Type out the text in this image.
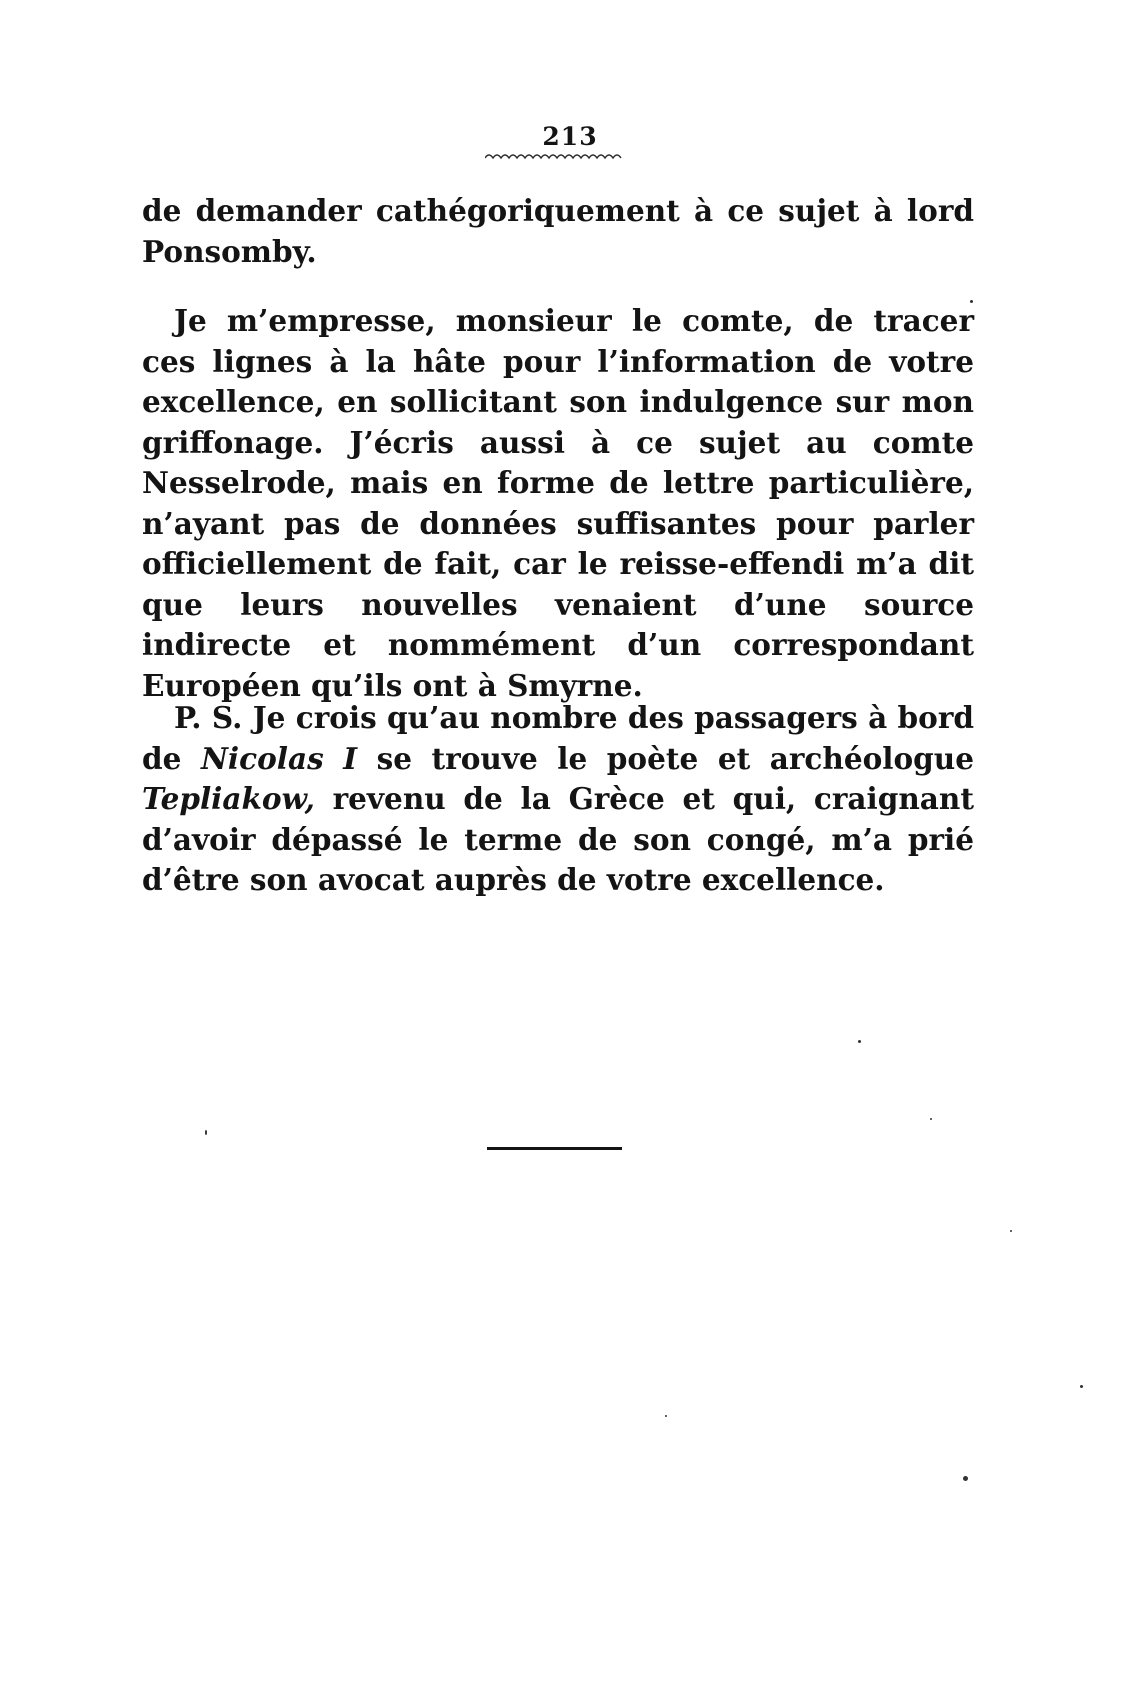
213

de demander cathégoriquement à ce sujet à lord Ponsomby.

Je m’empresse, monsieur le comte, de tracer ces lignes à la hâte pour l’information de votre excellence, en sollicitant son indulgence sur mon griffonage. J’écris aussi à ce sujet au comte Nesselrode, mais en forme de lettre particulière, n’ayant pas de données suffisantes pour parler officiellement de fait, car le reisse-effendi m’a dit que leurs nouvelles venaient d’une source indirecte et nommément d’un correspondant Européen qu’ils ont à Smyrne.

P. S. Je crois qu’au nombre des passagers à bord de Nicolas I se trouve le poète et archéologue Tepliakow, revenu de la Grèce et qui, craignant d’avoir dépassé le terme de son congé, m’a prié d’être son avocat auprès de votre excellence.
